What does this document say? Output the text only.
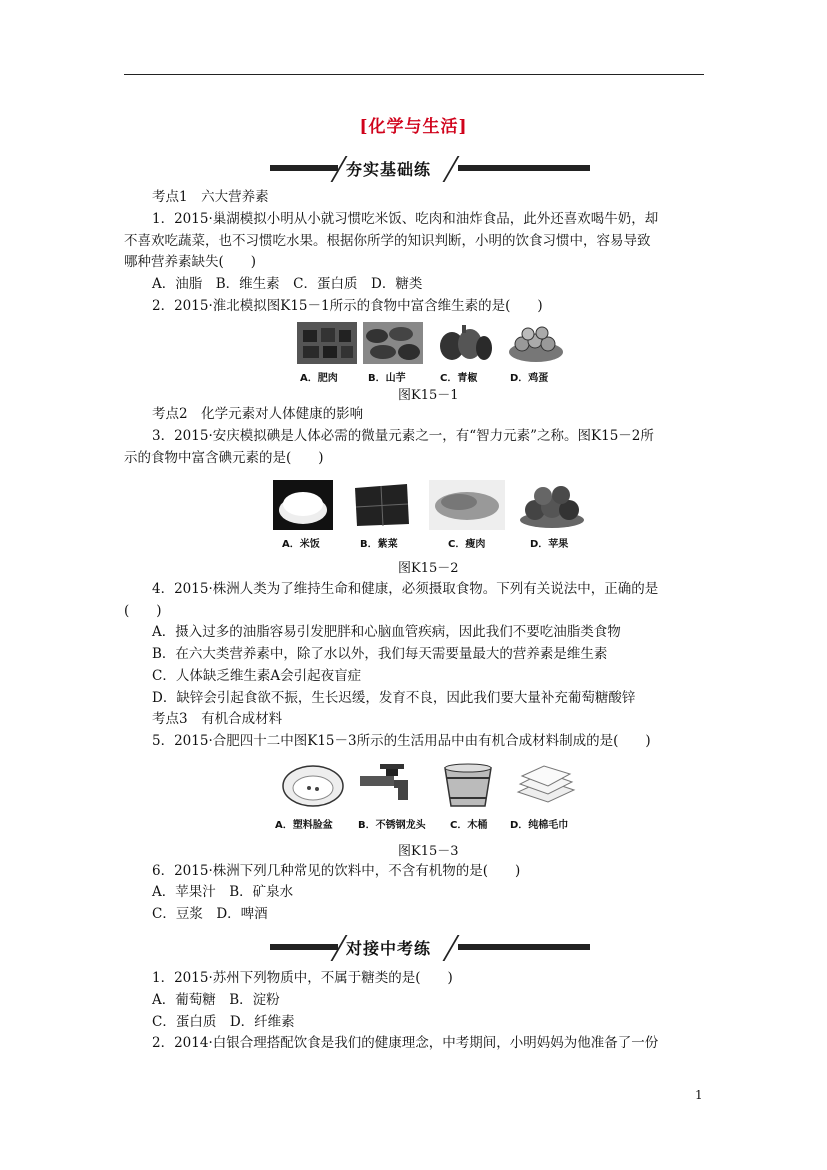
[化学与生活]
夯实基础练
考点1　六大营养素
1．2015·巢湖模拟小明从小就习惯吃米饭、吃肉和油炸食品，此外还喜欢喝牛奶，却
不喜欢吃蔬菜，也不习惯吃水果。根据你所学的知识判断，小明的饮食习惯中，容易导致
哪种营养素缺失(　　)
A．油脂　B．维生素　C．蛋白质　D．糖类
2．2015·淮北模拟图K15－1所示的食物中富含维生素的是(　　)
A．肥肉	B．山芋	C．青椒	D．鸡蛋
图K15－1
考点2　化学元素对人体健康的影响
3．2015·安庆模拟碘是人体必需的微量元素之一，有“智力元素”之称。图K15－2所
示的食物中富含碘元素的是(　　)
A．米饭	B．紫菜	C．瘦肉	D．苹果
图K15－2
4．2015·株洲人类为了维持生命和健康，必须摄取食物。下列有关说法中，正确的是
(　　)
A．摄入过多的油脂容易引发肥胖和心脑血管疾病，因此我们不要吃油脂类食物
B．在六大类营养素中，除了水以外，我们每天需要量最大的营养素是维生素
C．人体缺乏维生素A会引起夜盲症
D．缺锌会引起食欲不振，生长迟缓，发育不良，因此我们要大量补充葡萄糖酸锌
考点3　有机合成材料
5．2015·合肥四十二中图K15－3所示的生活用品中由有机合成材料制成的是(　　)
A．塑料脸盆	B．不锈钢龙头 C．木桶 D．纯棉毛巾
图K15－3
6．2015·株洲下列几种常见的饮料中，不含有机物的是(　　)
A．苹果汁　B．矿泉水
C．豆浆　D．啤酒
对接中考练
1．2015·苏州下列物质中，不属于糖类的是(　　)
A．葡萄糖　B．淀粉
C．蛋白质　D．纤维素
2．2014·白银合理搭配饮食是我们的健康理念，中考期间，小明妈妈为他准备了一份
1
